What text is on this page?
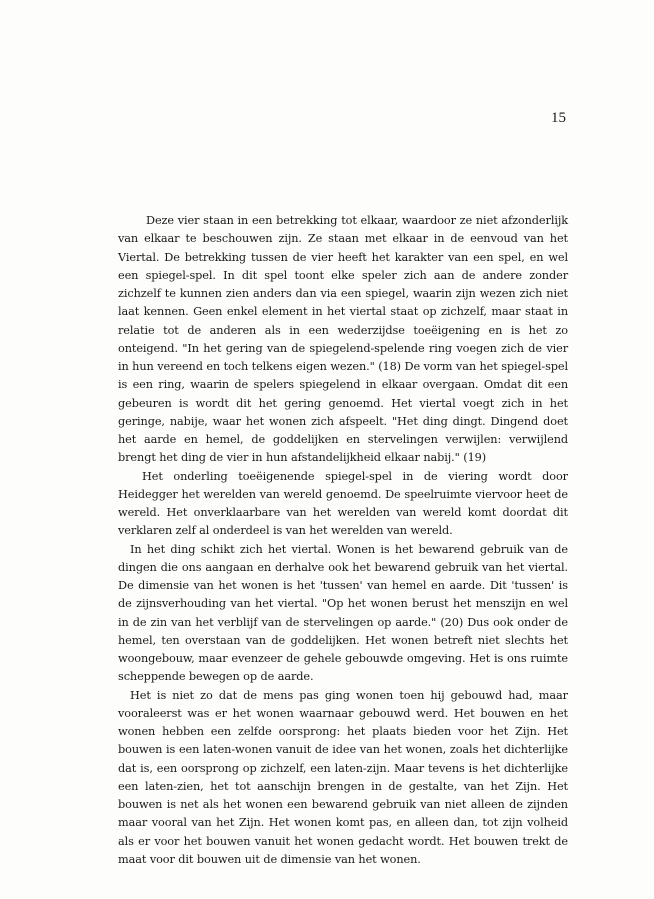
15

Deze vier staan in een betrekking tot elkaar, waardoor ze niet afzonderlijk van elkaar te beschouwen zijn. Ze staan met elkaar in de eenvoud van het Viertal. De betrekking tussen de vier heeft het karakter van een spel, en wel een spiegel-spel. In dit spel toont elke speler zich aan de andere zonder zichzelf te kunnen zien anders dan via een spiegel, waarin zijn wezen zich niet laat kennen. Geen enkel element in het viertal staat op zichzelf, maar staat in relatie tot de anderen als in een wederzijdse toeëigening en is het zo onteigend. "In het gering van de spiegelend-spelende ring voegen zich de vier in hun vereend en toch telkens eigen wezen." (18) De vorm van het spiegel-spel is een ring, waarin de spelers spiegelend in elkaar overgaan. Omdat dit een gebeuren is wordt dit het gering genoemd. Het viertal voegt zich in het geringe, nabije, waar het wonen zich afspeelt. "Het ding dingt. Dingend doet het aarde en hemel, de goddelijken en stervelingen verwijlen: verwijlend brengt het ding de vier in hun afstandelijkheid elkaar nabij." (19)

Het onderling toeëigenende spiegel-spel in de viering wordt door Heidegger het werelden van wereld genoemd. De speelruimte viervoor heet de wereld. Het onverklaarbare van het werelden van wereld komt doordat dit verklaren zelf al onderdeel is van het werelden van wereld.

In het ding schikt zich het viertal. Wonen is het bewarend gebruik van de dingen die ons aangaan en derhalve ook het bewarend gebruik van het viertal. De dimensie van het wonen is het 'tussen' van hemel en aarde. Dit 'tussen' is de zijnsverhouding van het viertal. "Op het wonen berust het menszijn en wel in de zin van het verblijf van de stervelingen op aarde." (20) Dus ook onder de hemel, ten overstaan van de goddelijken. Het wonen betreft niet slechts het woongebouw, maar evenzeer de gehele gebouwde omgeving. Het is ons ruimte scheppende bewegen op de aarde.

Het is niet zo dat de mens pas ging wonen toen hij gebouwd had, maar vooraleerst was er het wonen waarnaar gebouwd werd. Het bouwen en het wonen hebben een zelfde oorsprong: het plaats bieden voor het Zijn. Het bouwen is een laten-wonen vanuit de idee van het wonen, zoals het dichterlijke dat is, een oorsprong op zichzelf, een laten-zijn. Maar tevens is het dichterlijke een laten-zien, het tot aanschijn brengen in de gestalte, van het Zijn. Het bouwen is net als het wonen een bewarend gebruik van niet alleen de zijnden maar vooral van het Zijn. Het wonen komt pas, en alleen dan, tot zijn volheid als er voor het bouwen vanuit het wonen gedacht wordt. Het bouwen trekt de maat voor dit bouwen uit de dimensie van het wonen.
